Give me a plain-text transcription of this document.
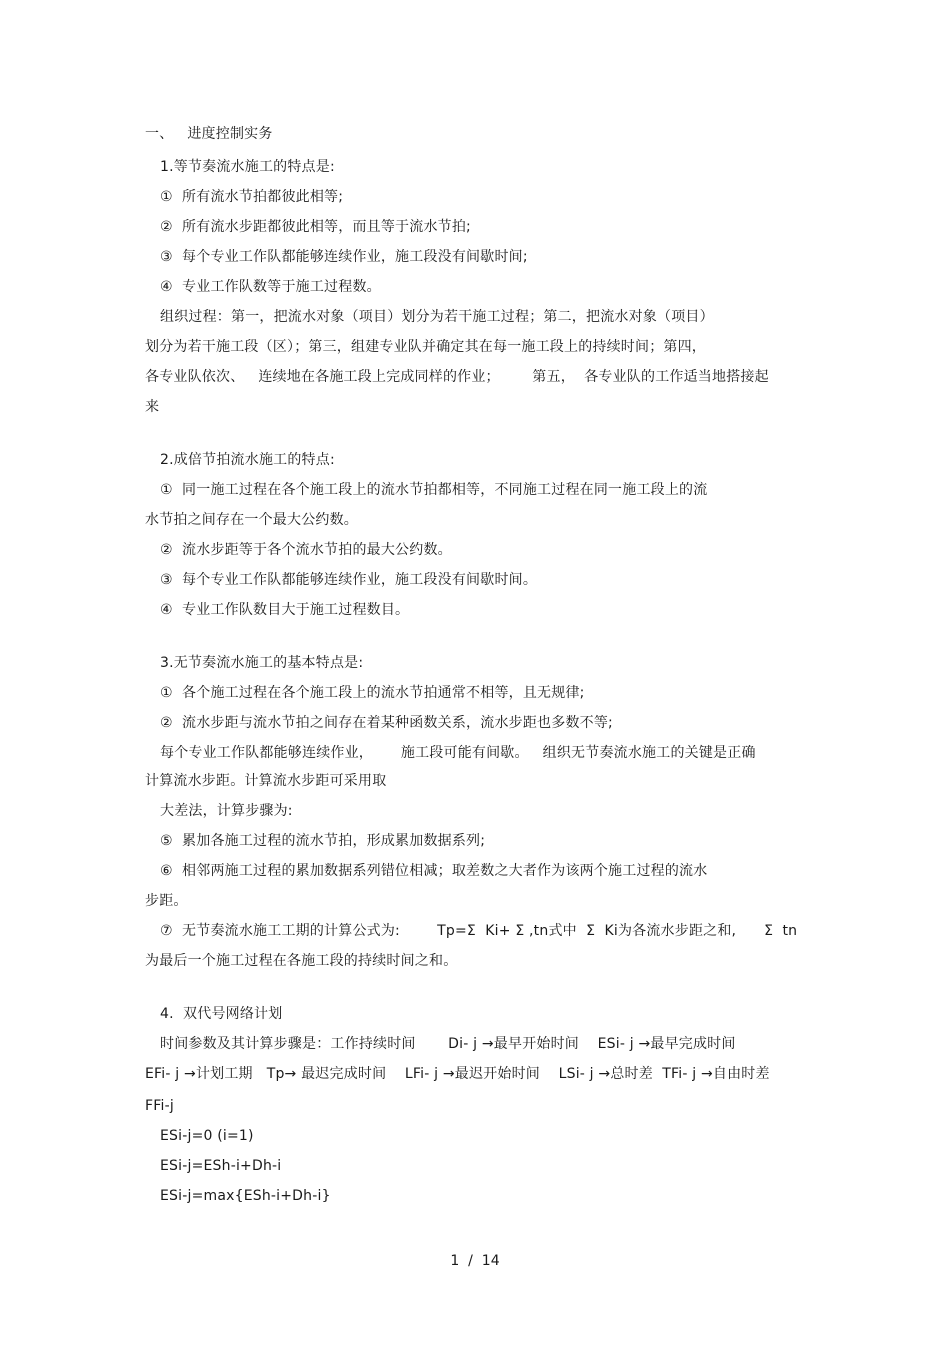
一、   进度控制实务
1.等节奏流水施工的特点是:
①  所有流水节拍都彼此相等;
②  所有流水步距都彼此相等，而且等于流水节拍;
③  每个专业工作队都能够连续作业，施工段没有间歇时间;
④  专业工作队数等于施工过程数。
组织过程：第一，把流水对象（项目）划分为若干施工过程；第二，把流水对象（项目）
划分为若干施工段（区）；第三，组建专业队并确定其在每一施工段上的持续时间；第四，
各专业队依次、   连续地在各施工段上完成同样的作业；       第五，  各专业队的工作适当地搭接起
来
2.成倍节拍流水施工的特点:
①  同一施工过程在各个施工段上的流水节拍都相等，不同施工过程在同一施工段上的流
水节拍之间存在一个最大公约数。
②  流水步距等于各个流水节拍的最大公约数。
③  每个专业工作队都能够连续作业，施工段没有间歇时间。
④  专业工作队数目大于施工过程数目。
3.无节奏流水施工的基本特点是:
①  各个施工过程在各个施工段上的流水节拍通常不相等，且无规律;
②  流水步距与流水节拍之间存在着某种函数关系，流水步距也多数不等;
每个专业工作队都能够连续作业，      施工段可能有间歇。   组织无节奏流水施工的关键是正确
计算流水步距。计算流水步距可采用取
大差法，计算步骤为:
⑤  累加各施工过程的流水节拍，形成累加数据系列;
⑥  相邻两施工过程的累加数据系列错位相减；取差数之大者作为该两个施工过程的流水
步距。
⑦  无节奏流水施工工期的计算公式为:        Tp=Σ  Ki+ Σ ,tn式中  Σ  Ki为各流水步距之和,      Σ  tn
为最后一个施工过程在各施工段的持续时间之和。
4.  双代号网络计划
时间参数及其计算步骤是：工作持续时间       Di- j →最早开始时间    ESi- j →最早完成时间
EFi- j →计划工期   Tp→ 最迟完成时间    LFi- j →最迟开始时间    LSi- j →总时差  TFi- j →自由时差
FFi-j
ESi-j=0 (i=1)
ESi-j=ESh-i+Dh-i
ESi-j=max{ESh-i+Dh-i}
1  /  14
